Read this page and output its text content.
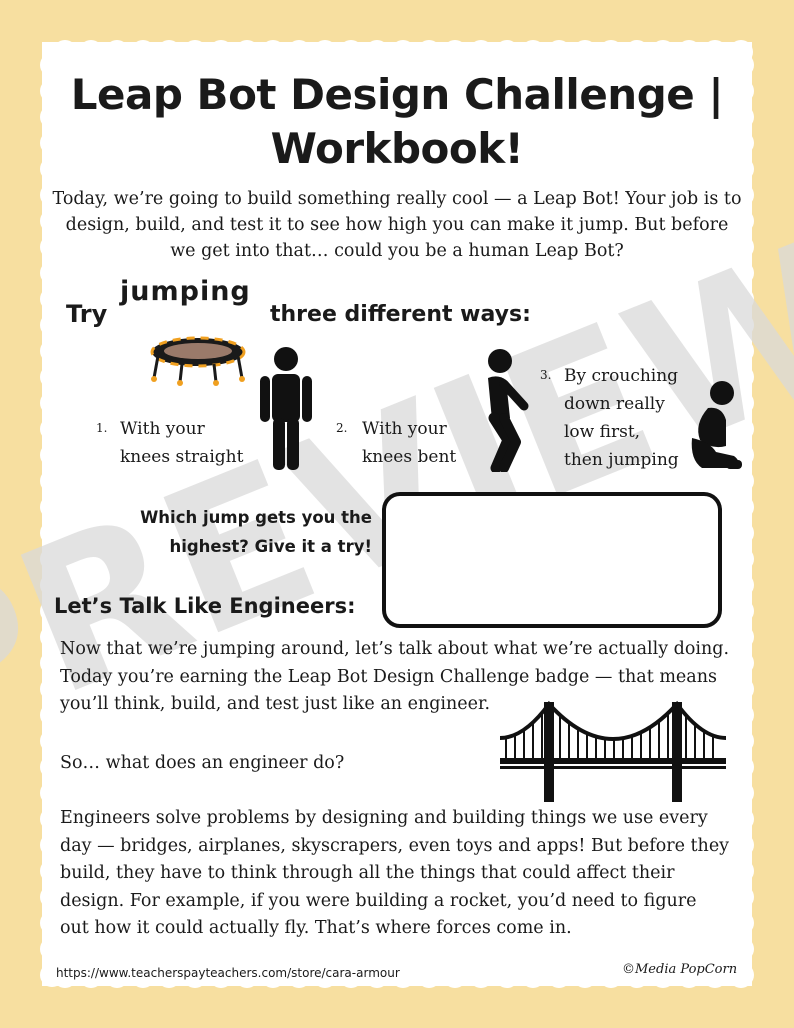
Leap Bot Design Challenge |
Workbook!
Today, we’re going to build something really cool — a Leap Bot! Your job is to design, build, and test it to see how high you can make it jump. But before we get into that… could you be a human Leap Bot?
Try
jumping
three different ways:
1. With your
knees straight
2. With your
knees bent
3. By crouching
down really
low first,
then jumping
Which jump gets you the
highest? Give it a try!
Let’s Talk Like Engineers:
Now that we’re jumping around, let’s talk about what we’re actually doing.
Today you’re earning the Leap Bot Design Challenge badge — that means
you’ll think, build, and test just like an engineer.
So… what does an engineer do?
Engineers solve problems by designing and building things we use every
day — bridges, airplanes, skyscrapers, even toys and apps! But before they
build, they have to think through all the things that could affect their
design. For example, if you were building a rocket, you’d need to figure
out how it could actually fly. That’s where forces come in.
https://www.teacherspayteachers.com/store/cara-armour	©Media PopCorn
